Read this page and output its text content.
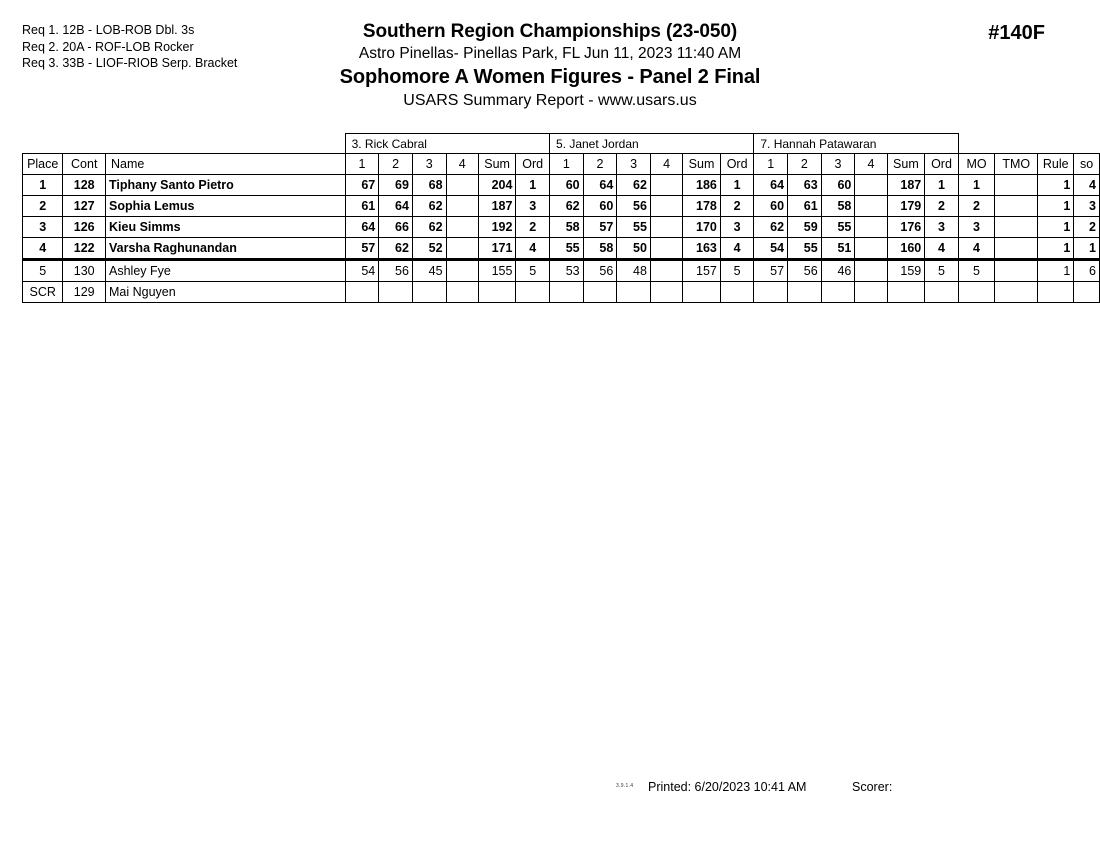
Req 1. 12B - LOB-ROB Dbl. 3s
Req 2. 20A - ROF-LOB Rocker
Req 3. 33B - LIOF-RIOB Serp. Bracket
Southern Region Championships (23-050)
Astro Pinellas- Pinellas Park, FL Jun 11, 2023 11:40 AM
Sophomore A Women Figures - Panel 2 Final
USARS Summary Report - www.usars.us
#140F
			3. Rick Cabral						5. Janet Jordan						7. Hannah Patawaran									
Place	Cont	Name	1	2	3	4	Sum	Ord	1	2	3	4	Sum	Ord	1	2	3	4	Sum	Ord	MO	TMO	Rule	so
1	128	Tiphany Santo Pietro	67	69	68		204	1	60	64	62		186	1	64	63	60		187	1	1		1	4
2	127	Sophia Lemus	61	64	62		187	3	62	60	56		178	2	60	61	58		179	2	2		1	3
3	126	Kieu Simms	64	66	62		192	2	58	57	55		170	3	62	59	55		176	3	3		1	2
4	122	Varsha Raghunandan	57	62	52		171	4	55	58	50		163	4	54	55	51		160	4	4		1	1
5	130	Ashley Fye	54	56	45		155	5	53	56	48		157	5	57	56	46		159	5	5		1	6
SCR	129	Mai Nguyen																						
3.9.1.4 Printed: 6/20/2023 10:41 AM	Scorer:
